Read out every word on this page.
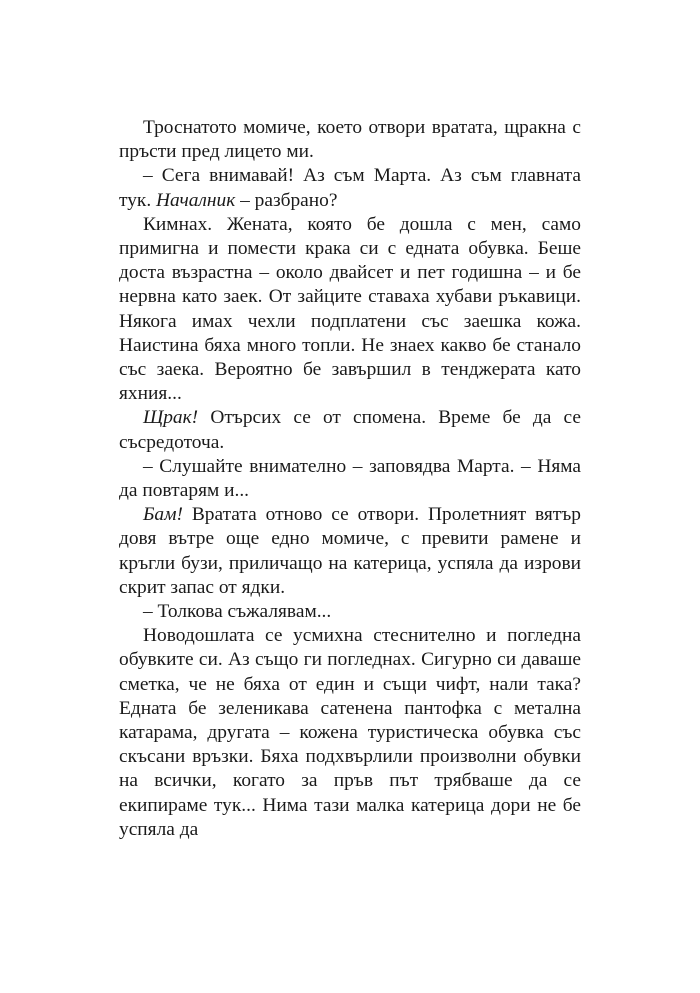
Троснатото момиче, което отвори вратата, щракна с пръсти пред лицето ми.

– Сега внимавай! Аз съм Марта. Аз съм главната тук. Началник – разбрано?

Кимнах. Жената, която бе дошла с мен, само примигна и помести крака си с едната обувка. Беше доста възрастна – около двайсет и пет годишна – и бе нервна като заек. От зайците ставаха хубави ръкавици. Някога имах чехли подплатени със заешка кожа. Наистина бяха много топли. Не знаех какво бе станало със заека. Вероятно бе завършил в тенджерата като яхния...

Щрак! Отърсих се от спомена. Време бе да се съсредоточа.

– Слушайте внимателно – заповядва Марта. – Няма да повтарям и...

Бам! Вратата отново се отвори. Пролетният вятър довя вътре още едно момиче, с превити рамене и кръгли бузи, приличащо на катерица, успяла да изрови скрит запас от ядки.

– Толкова съжалявам...

Новодошлата се усмихна стеснително и погледна обувките си. Аз също ги погледнах. Сигурно си даваше сметка, че не бяха от един и същи чифт, нали така? Едната бе зеленикава сатенена пантофка с метална катарама, другата – кожена туристическа обувка със скъсани връзки. Бяха подхвърлили произволни обувки на всички, когато за пръв път трябваше да се екипираме тук... Нима тази малка катерица дори не бе успяла да
